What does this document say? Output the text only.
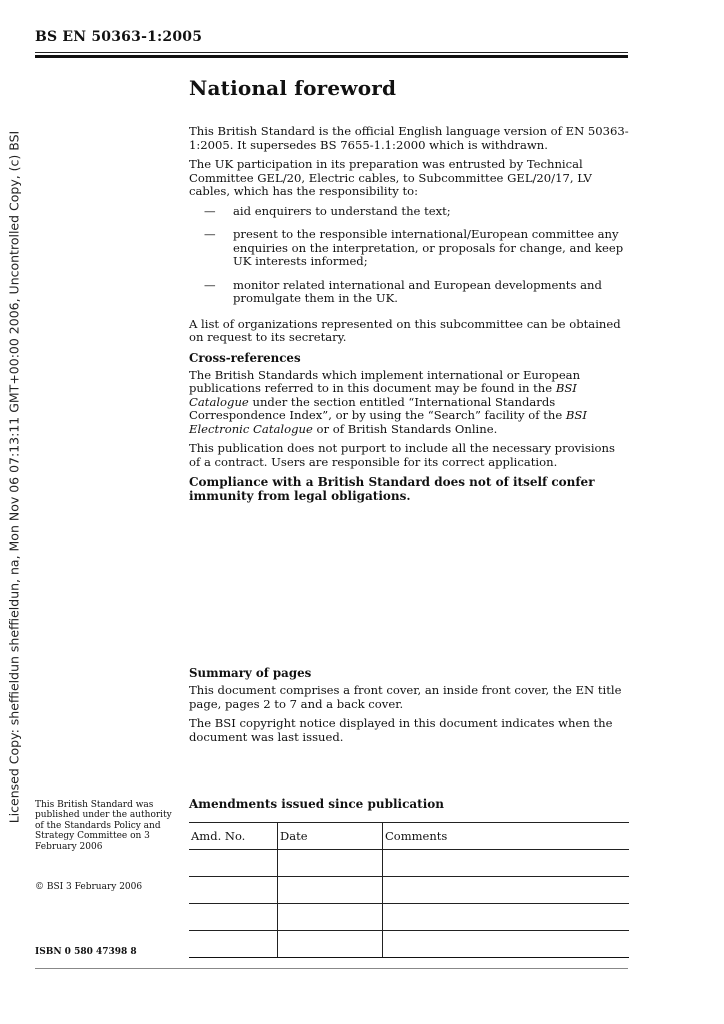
BS EN 50363-1:2005
Licensed Copy: sheffieldun sheffieldun, na, Mon Nov 06 07:13:11 GMT+00:00 2006, Uncontrolled Copy, (c) BSI
National foreword

This British Standard is the official English language version of EN 50363-1:2005. It supersedes BS 7655-1.1:2000 which is withdrawn.

The UK participation in its preparation was entrusted by Technical Committee GEL/20, Electric cables, to Subcommittee GEL/20/17, LV cables, which has the responsibility to:

— aid enquirers to understand the text;
— present to the responsible international/European committee any enquiries on the interpretation, or proposals for change, and keep UK interests informed;
— monitor related international and European developments and promulgate them in the UK.

A list of organizations represented on this subcommittee can be obtained on request to its secretary.

Cross-references

The British Standards which implement international or European publications referred to in this document may be found in the BSI Catalogue under the section entitled “International Standards Correspondence Index”, or by using the “Search” facility of the BSI Electronic Catalogue or of British Standards Online.

This publication does not purport to include all the necessary provisions of a contract. Users are responsible for its correct application.

Compliance with a British Standard does not of itself confer immunity from legal obligations.

Summary of pages

This document comprises a front cover, an inside front cover, the EN title page, pages 2 to 7 and a back cover.

The BSI copyright notice displayed in this document indicates when the document was last issued.

This British Standard was published under the authority of the Standards Policy and Strategy Committee on 3 February 2006
© BSI 3 February 2006
ISBN 0 580 47398 8

Amendments issued since publication

Amd. No.	Date	Comments
